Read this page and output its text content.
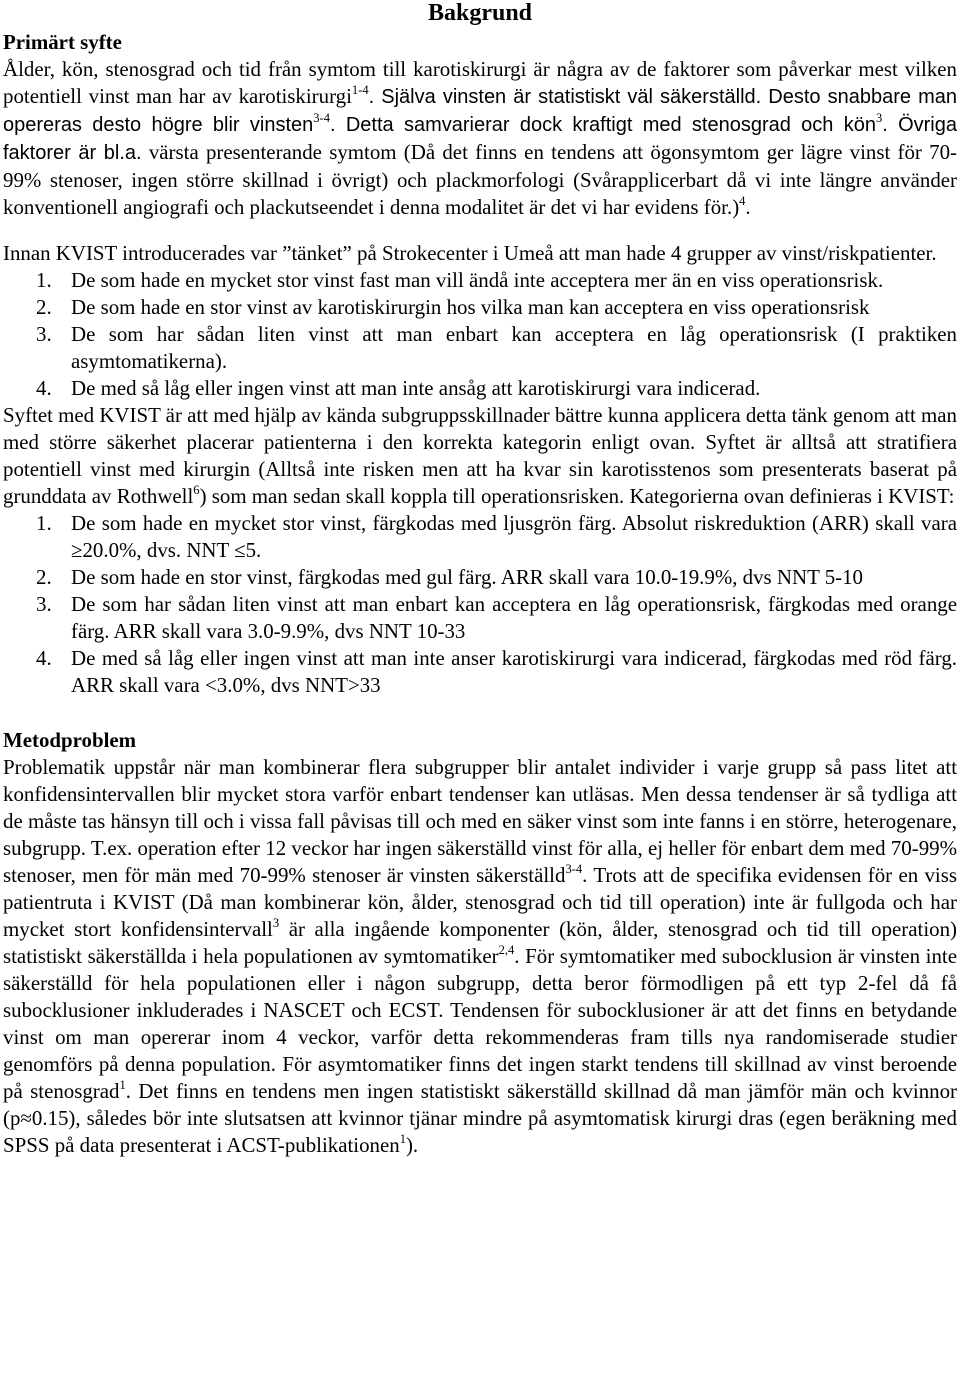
Bakgrund
Primärt syfte

Ålder, kön, stenosgrad och tid från symtom till karotiskirurgi är några av de faktorer som påverkar mest vilken potentiell vinst man har av karotiskirurgi$^{1-4}$. Själva vinsten är statistiskt väl säkerställd. Desto snabbare man opereras desto högre blir vinsten$^{3-4}$. Detta samvarierar dock kraftigt med stenosgrad och kön$^3$. Övriga faktorer är bl.a. värsta presenterande symtom (Då det finns en tendens att ögonsymtom ger lägre vinst för 70-99% stenoser, ingen större skillnad i övrigt) och plackmorfologi (Svårapplicerbart då vi inte längre använder konventionell angiografi och plackutseendet i denna modalitet är det vi har evidens för.)$^4$.

Innan KVIST introducerades var ”tänket” på Strokecenter i Umeå att man hade 4 grupper av vinst/riskpatienter.

1. De som hade en mycket stor vinst fast man vill ändå inte acceptera mer än en viss operationsrisk.
2. De som hade en stor vinst av karotiskirurgin hos vilka man kan acceptera en viss operationsrisk
3. De som har sådan liten vinst att man enbart kan acceptera en låg operationsrisk (I praktiken asymtomatikerna).
4. De med så låg eller ingen vinst att man inte ansåg att karotiskirurgi vara indicerad.

Syftet med KVIST är att med hjälp av kända subgruppsskillnader bättre kunna applicera detta tänk genom att man med större säkerhet placerar patienterna i den korrekta kategorin enligt ovan. Syftet är alltså att stratifiera potentiell vinst med kirurgin (Alltså inte risken men att ha kvar sin karotisstenos som presenterats baserat på grunddata av Rothwell$^6$) som man sedan skall koppla till operationsrisken. Kategorierna ovan definieras i KVIST:

1. De som hade en mycket stor vinst, färgkodas med ljusgrön färg. Absolut riskreduktion (ARR) skall vara ≥20.0%, dvs. NNT ≤5.
2. De som hade en stor vinst, färgkodas med gul färg. ARR skall vara 10.0-19.9%, dvs NNT 5-10
3. De som har sådan liten vinst att man enbart kan acceptera en låg operationsrisk, färgkodas med orange färg. ARR skall vara 3.0-9.9%, dvs NNT 10-33
4. De med så låg eller ingen vinst att man inte anser karotiskirurgi vara indicerad, färgkodas med röd färg. ARR skall vara <3.0%, dvs NNT>33
Metodproblem

Problematik uppstår när man kombinerar flera subgrupper blir antalet individer i varje grupp så pass litet att konfidensintervallen blir mycket stora varför enbart tendenser kan utläsas. Men dessa tendenser är så tydliga att de måste tas hänsyn till och i vissa fall påvisas till och med en säker vinst som inte fanns i en större, heterogenare, subgrupp. T.ex. operation efter 12 veckor har ingen säkerställd vinst för alla, ej heller för enbart dem med 70-99% stenoser, men för män med 70-99% stenoser är vinsten säkerställd$^{3-4}$. Trots att de specifika evidensen för en viss patientruta i KVIST (Då man kombinerar kön, ålder, stenosgrad och tid till operation) inte är fullgoda och har mycket stort konfidensintervall$^3$ är alla ingående komponenter (kön, ålder, stenosgrad och tid till operation) statistiskt säkerställda i hela populationen av symtomatiker$^{2,4}$. För symtomatiker med subocklusion är vinsten inte säkerställd för hela populationen eller i någon subgrupp, detta beror förmodligen på ett typ 2-fel då få subocklusioner inkluderades i NASCET och ECST. Tendensen för subocklusioner är att det finns en betydande vinst om man opererar inom 4 veckor, varför detta rekommenderas fram tills nya randomiserade studier genomförs på denna population. För asymtomatiker finns det ingen starkt tendens till skillnad av vinst beroende på stenosgrad$^1$. Det finns en tendens men ingen statistiskt säkerställd skillnad då man jämför män och kvinnor (p≈0.15), således bör inte slutsatsen att kvinnor tjänar mindre på asymtomatisk kirurgi dras (egen beräkning med SPSS på data presenterat i ACST-publikationen$^1$).
